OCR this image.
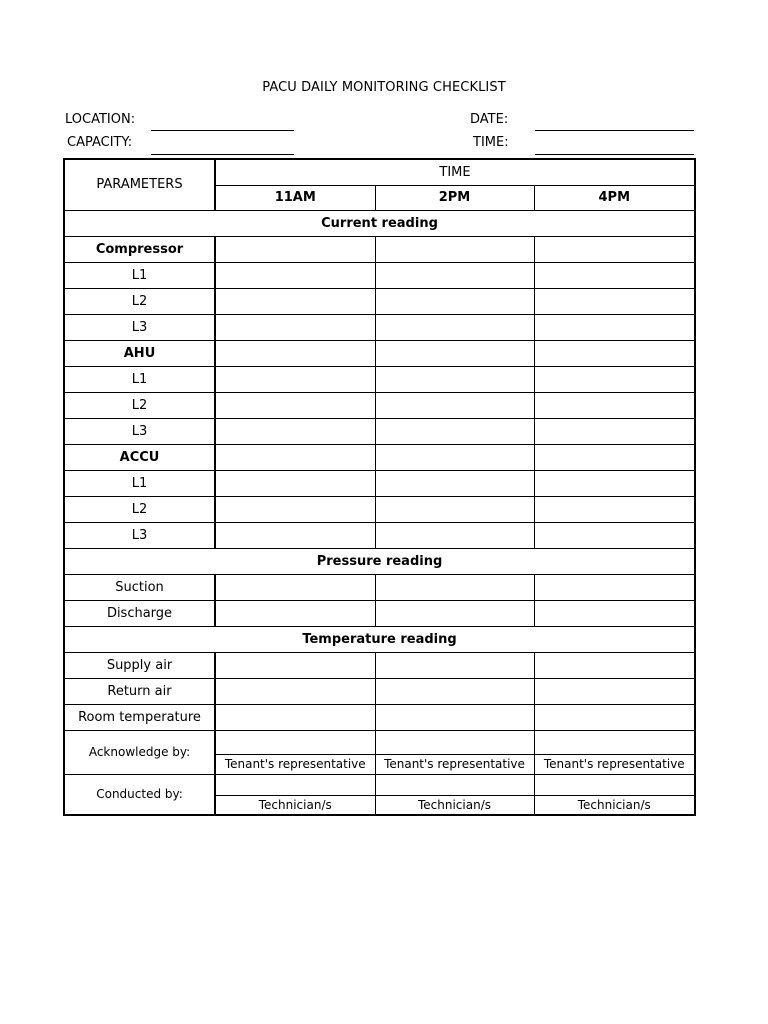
PACU DAILY MONITORING CHECKLIST
LOCATION:
CAPACITY:
DATE:
TIME:
PARAMETERS	TIME		
	11AM	2PM	4PM
Current reading			
Compressor			
L1			
L2			
L3			
AHU			
L1			
L2			
L3			
ACCU			
L1			
L2			
L3			
Pressure reading			
Suction			
Discharge			
Temperature reading			
Supply air			
Return air			
Room temperature			
Acknowledge by:			
	Tenant's representative	Tenant's representative	Tenant's representative
Conducted by:			
	Technician/s	Technician/s	Technician/s
